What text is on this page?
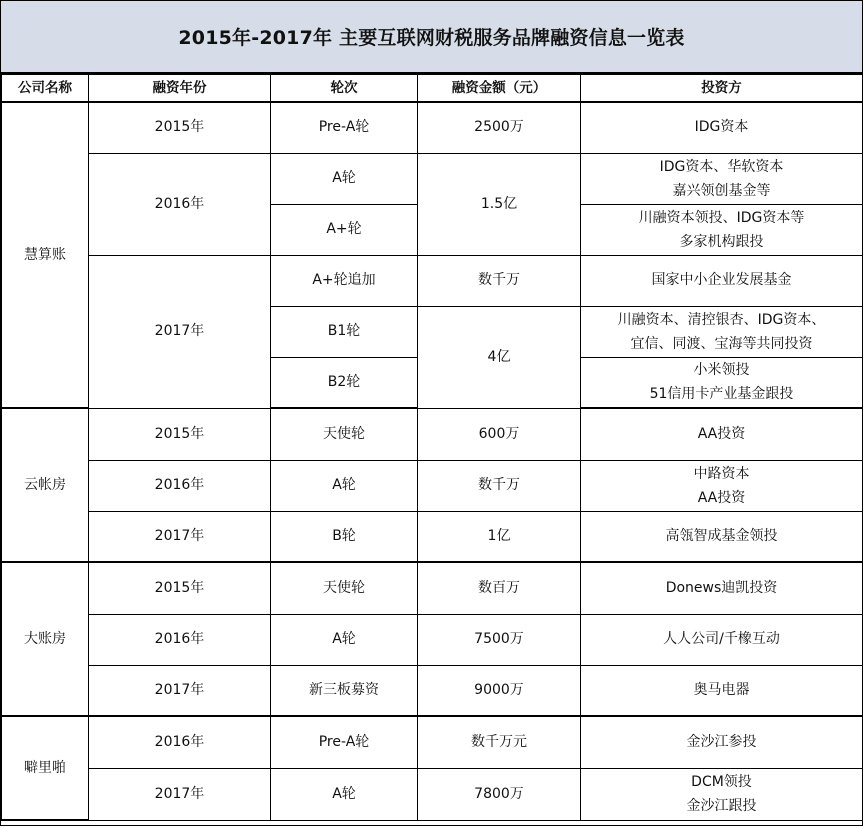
2015年-2017年 主要互联网财税服务品牌融资信息一览表
公司名称	融资年份	轮次	融资金额（元）	投资方
慧算账	2015年	Pre-A轮	2500万	IDG资本
	2016年	A轮	1.5亿	IDG资本、华软资本
嘉兴领创基金等

		A+轮		川融资本领投、IDG资本等
多家机构跟投

	2017年	A+轮追加	数千万	国家中小企业发展基金
		B1轮	4亿	川融资本、清控银杏、IDG资本、
宜信、同渡、宝海等共同投资

		B2轮		小米领投
51信用卡产业基金跟投

云帐房	2015年	天使轮	600万	AA投资
	2016年	A轮	数千万	中路资本
AA投资

	2017年	B轮	1亿	高瓴智成基金领投
大账房	2015年	天使轮	数百万	Donews迪凯投资
	2016年	A轮	7500万	人人公司/千橡互动
	2017年	新三板募资	9000万	奥马电器
噼里啪	2016年	Pre-A轮	数千万元	金沙江参投
	2017年	A轮	7800万	DCM领投
金沙江跟投
